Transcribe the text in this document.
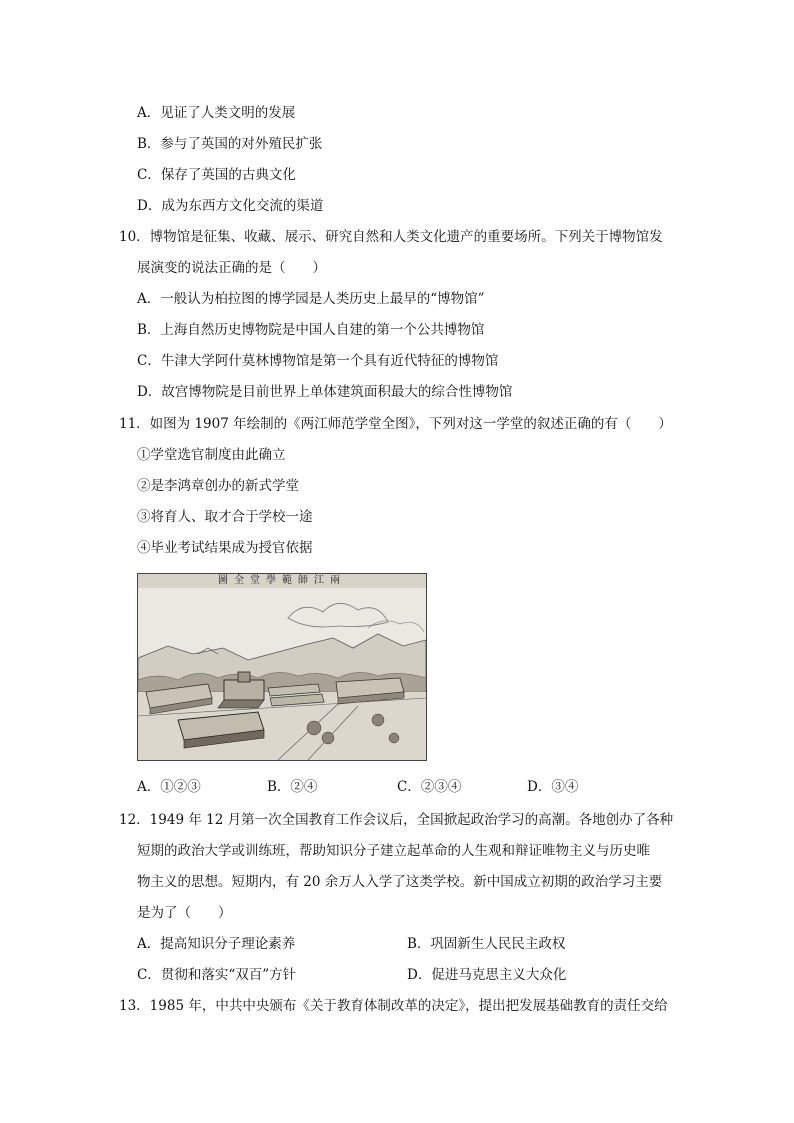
A．见证了人类文明的发展
B．参与了英国的对外殖民扩张
C．保存了英国的古典文化
D．成为东西方文化交流的渠道
10．博物馆是征集、收藏、展示、研究自然和人类文化遗产的重要场所。下列关于博物馆发
展演变的说法正确的是（　　）
A．一般认为柏拉图的博学园是人类历史上最早的“博物馆”
B．上海自然历史博物院是中国人自建的第一个公共博物馆
C．牛津大学阿什莫林博物馆是第一个具有近代特征的博物馆
D．故宫博物院是目前世界上单体建筑面积最大的综合性博物馆
11．如图为 1907 年绘制的《两江师范学堂全图》，下列对这一学堂的叙述正确的有（　　）
①学堂选官制度由此确立
②是李鸿章创办的新式学堂
③将育人、取才合于学校一途
④毕业考试结果成为授官依据
圖全堂學範師江兩
A．①②③	B．②④	C．②③④	D．③④
12．1949 年 12 月第一次全国教育工作会议后，全国掀起政治学习的高潮。各地创办了各种
短期的政治大学或训练班，帮助知识分子建立起革命的人生观和辩证唯物主义与历史唯
物主义的思想。短期内，有 20 余万人入学了这类学校。新中国成立初期的政治学习主要
是为了（　　）
A．提高知识分子理论素养	B．巩固新生人民民主政权
C．贯彻和落实“双百”方针	D．促进马克思主义大众化
13．1985 年，中共中央颁布《关于教育体制改革的决定》，提出把发展基础教育的责任交给
